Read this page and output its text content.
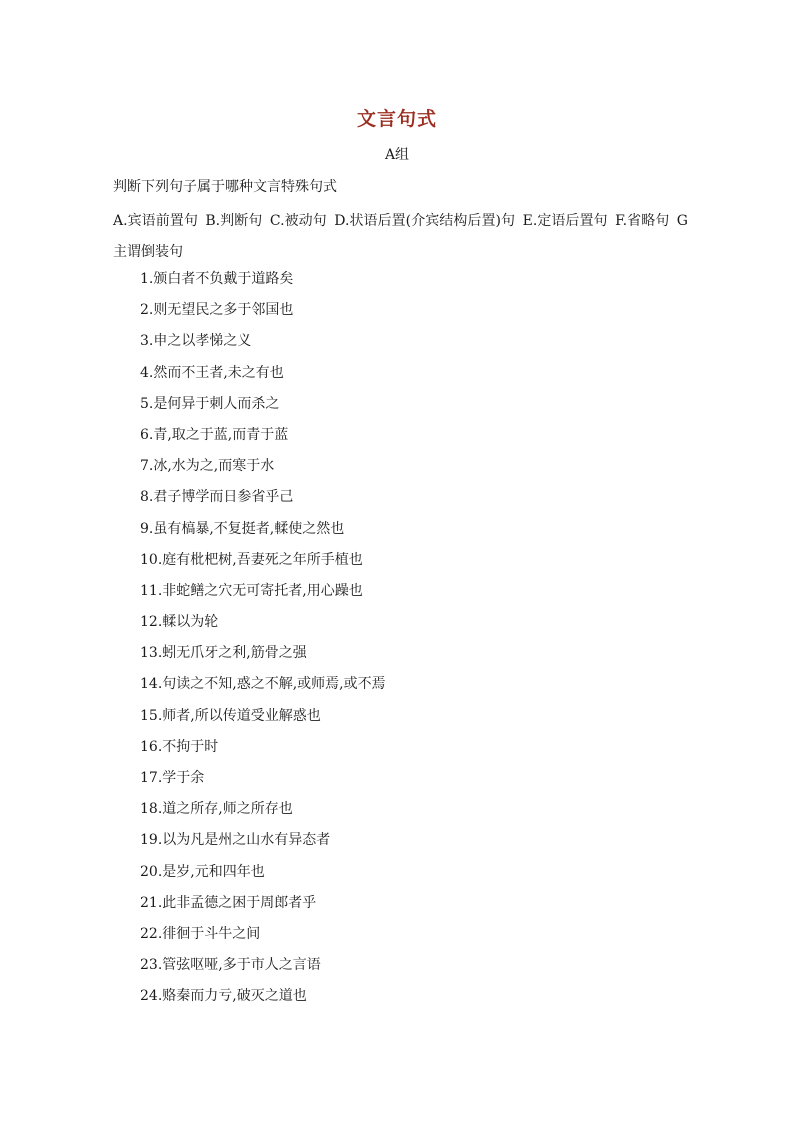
文言句式
A组
判断下列句子属于哪种文言特殊句式
A.宾语前置句 B.判断句 C.被动句 D.状语后置(介宾结构后置)句 E.定语后置句 F.省略句 G主谓倒装句
1.颁白者不负戴于道路矣
2.则无望民之多于邻国也
3.申之以孝悌之义
4.然而不王者,未之有也
5.是何异于刺人而杀之
6.青,取之于蓝,而青于蓝
7.冰,水为之,而寒于水
8.君子博学而日参省乎己
9.虽有槁暴,不复挺者,輮使之然也
10.庭有枇杷树,吾妻死之年所手植也
11.非蛇鳝之穴无可寄托者,用心躁也
12.輮以为轮
13.蚓无爪牙之利,筋骨之强
14.句读之不知,惑之不解,或师焉,或不焉
15.师者,所以传道受业解惑也
16.不拘于时
17.学于余
18.道之所存,师之所存也
19.以为凡是州之山水有异态者
20.是岁,元和四年也
21.此非孟德之困于周郎者乎
22.徘徊于斗牛之间
23.管弦呕哑,多于市人之言语
24.赂秦而力亏,破灭之道也
